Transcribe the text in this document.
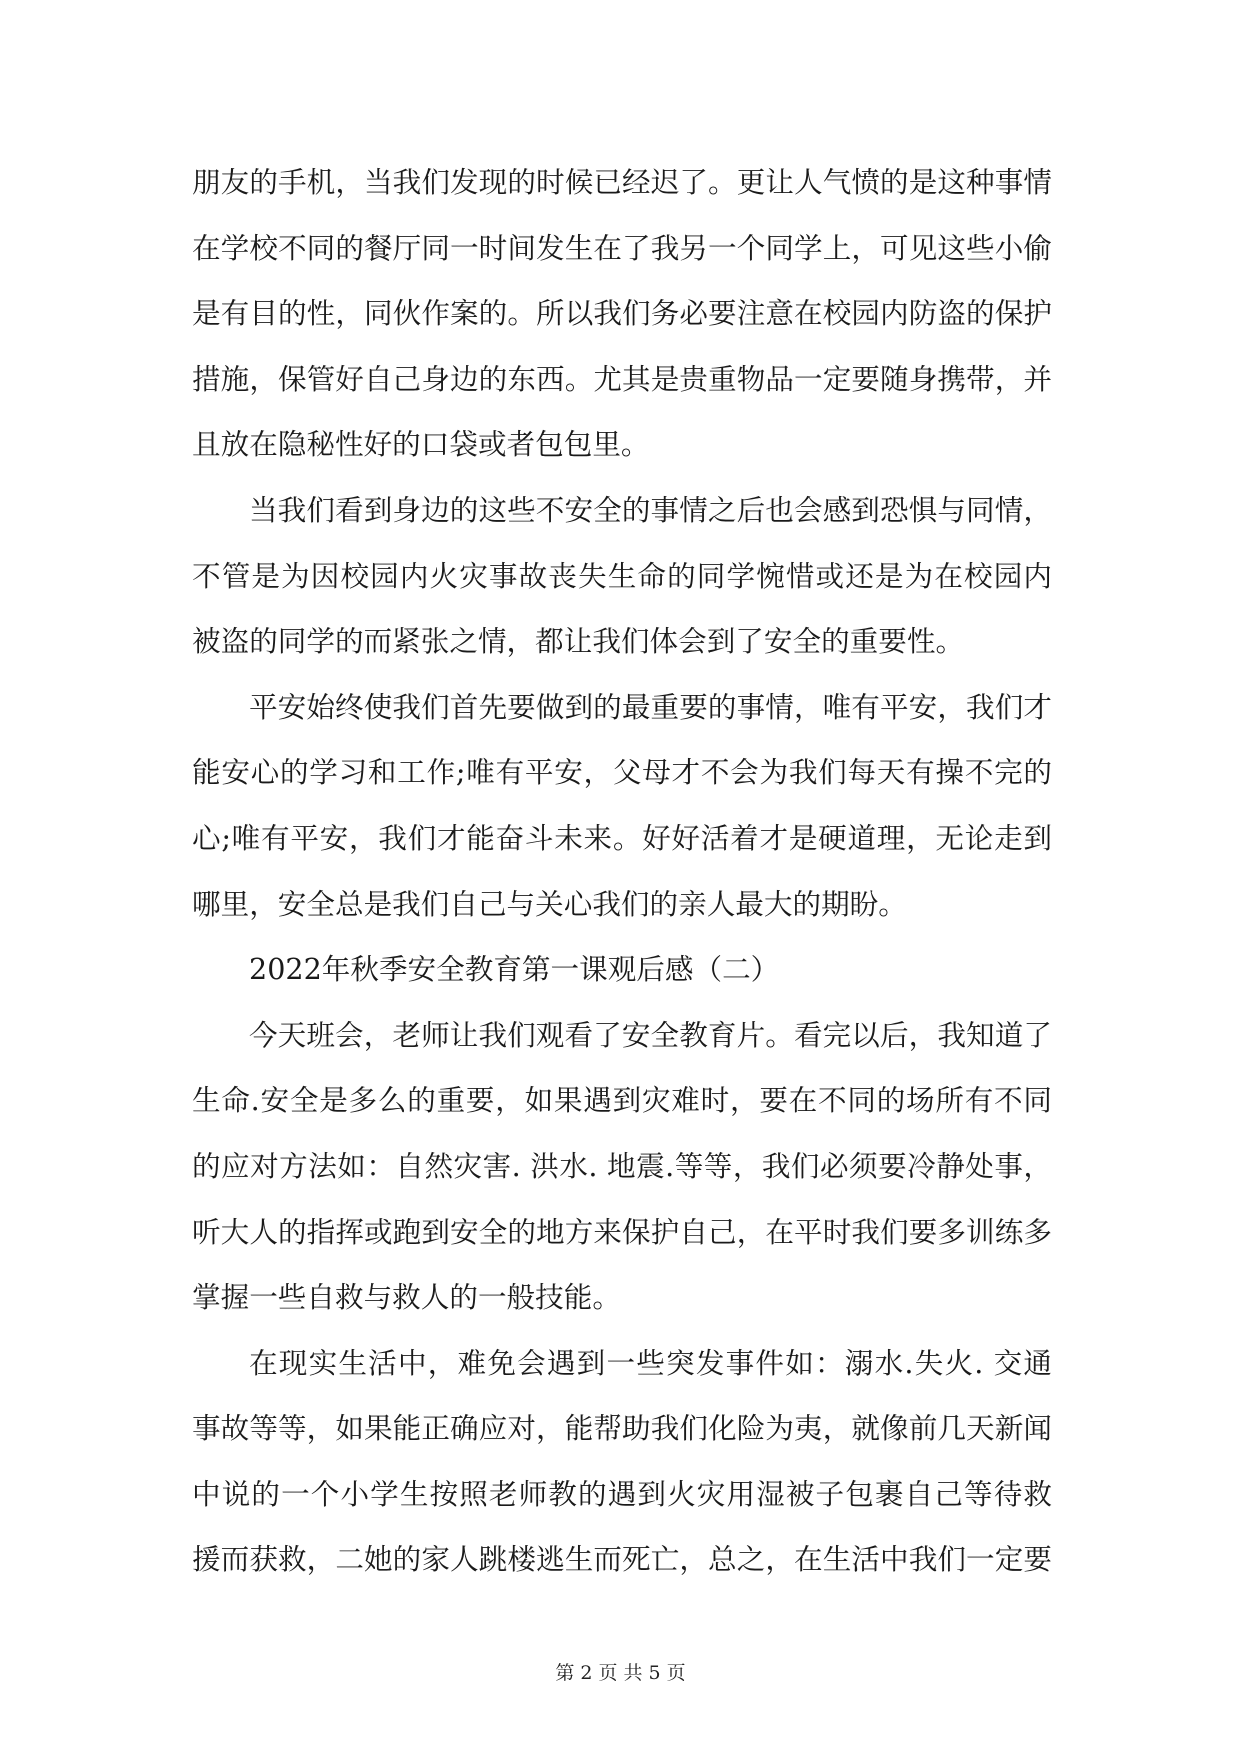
朋友的手机，当我们发现的时候已经迟了。更让人气愤的是这种事情
在学校不同的餐厅同一时间发生在了我另一个同学上，可见这些小偷
是有目的性，同伙作案的。所以我们务必要注意在校园内防盗的保护
措施，保管好自己身边的东西。尤其是贵重物品一定要随身携带，并
且放在隐秘性好的口袋或者包包里。
当我们看到身边的这些不安全的事情之后也会感到恐惧与同情，
不管是为因校园内火灾事故丧失生命的同学惋惜或还是为在校园内
被盗的同学的而紧张之情，都让我们体会到了安全的重要性。
平安始终使我们首先要做到的最重要的事情，唯有平安，我们才
能安心的学习和工作;唯有平安，父母才不会为我们每天有操不完的
心;唯有平安，我们才能奋斗未来。好好活着才是硬道理，无论走到
哪里，安全总是我们自己与关心我们的亲人最大的期盼。
2022年秋季安全教育第一课观后感（二）
今天班会，老师让我们观看了安全教育片。看完以后，我知道了
生命.安全是多么的重要，如果遇到灾难时，要在不同的场所有不同
的应对方法如：自然灾害. 洪水. 地震.等等，我们必须要冷静处事，
听大人的指挥或跑到安全的地方来保护自己，在平时我们要多训练多
掌握一些自救与救人的一般技能。
在现实生活中，难免会遇到一些突发事件如：溺水.失火. 交通
事故等等，如果能正确应对，能帮助我们化险为夷，就像前几天新闻
中说的一个小学生按照老师教的遇到火灾用湿被子包裹自己等待救
援而获救，二她的家人跳楼逃生而死亡，总之，在生活中我们一定要
第 2 页 共 5 页
